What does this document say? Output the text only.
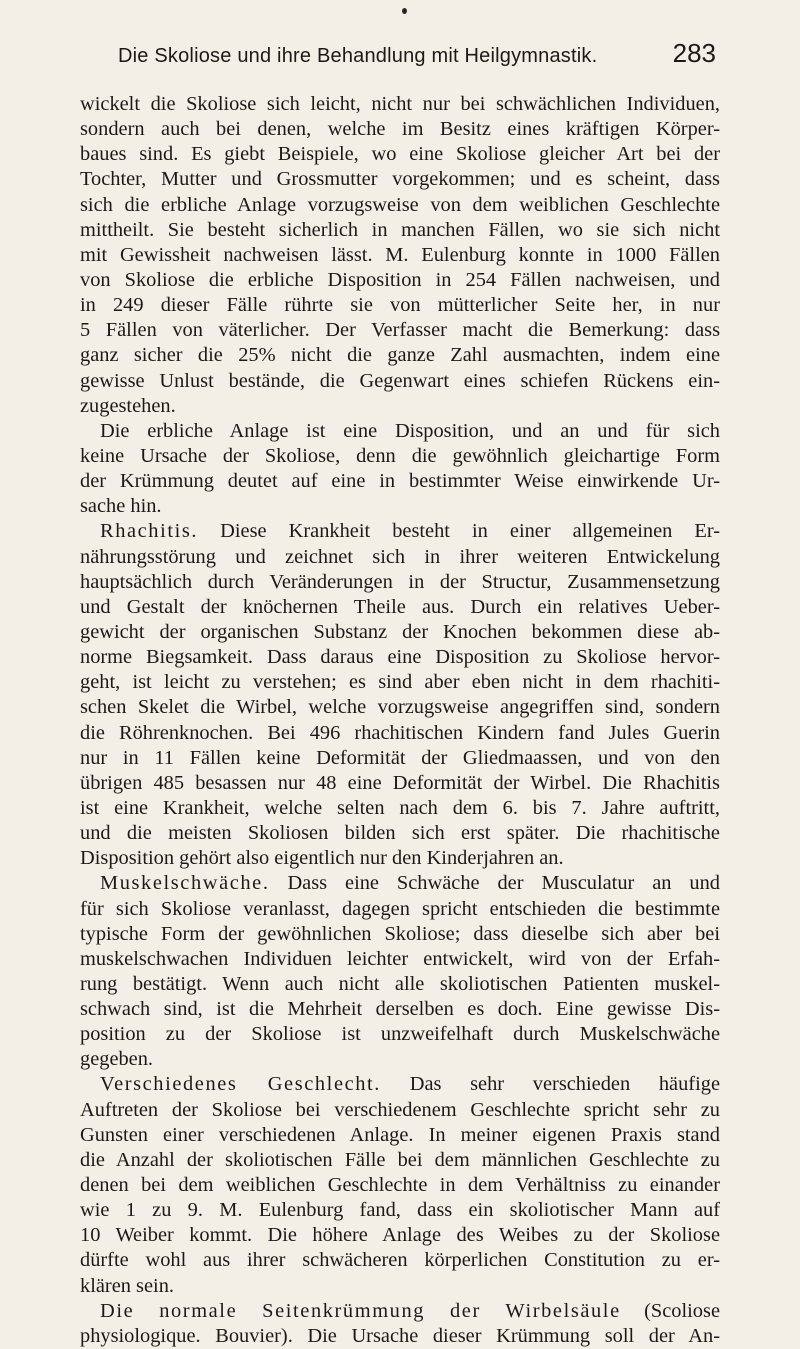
Die Skoliose und ihre Behandlung mit Heilgymnastik.	283
wickelt die Skoliose sich leicht, nicht nur bei schwächlichen Individuen,
sondern auch bei denen, welche im Besitz eines kräftigen Körper-
baues sind. Es giebt Beispiele, wo eine Skoliose gleicher Art bei der
Tochter, Mutter und Grossmutter vorgekommen; und es scheint, dass
sich die erbliche Anlage vorzugsweise von dem weiblichen Geschlechte
mittheilt. Sie besteht sicherlich in manchen Fällen, wo sie sich nicht
mit Gewissheit nachweisen lässt. M. Eulenburg konnte in 1000 Fällen
von Skoliose die erbliche Disposition in 254 Fällen nachweisen, und
in 249 dieser Fälle rührte sie von mütterlicher Seite her, in nur
5 Fällen von väterlicher. Der Verfasser macht die Bemerkung: dass
ganz sicher die 25% nicht die ganze Zahl ausmachten, indem eine
gewisse Unlust bestände, die Gegenwart eines schiefen Rückens ein-
zugestehen.
Die erbliche Anlage ist eine Disposition, und an und für sich
keine Ursache der Skoliose, denn die gewöhnlich gleichartige Form
der Krümmung deutet auf eine in bestimmter Weise einwirkende Ur-
sache hin.
Rhachitis. Diese Krankheit besteht in einer allgemeinen Er-
nährungsstörung und zeichnet sich in ihrer weiteren Entwickelung
hauptsächlich durch Veränderungen in der Structur, Zusammensetzung
und Gestalt der knöchernen Theile aus. Durch ein relatives Ueber-
gewicht der organischen Substanz der Knochen bekommen diese ab-
norme Biegsamkeit. Dass daraus eine Disposition zu Skoliose hervor-
geht, ist leicht zu verstehen; es sind aber eben nicht in dem rhachiti-
schen Skelet die Wirbel, welche vorzugsweise angegriffen sind, sondern
die Röhrenknochen. Bei 496 rhachitischen Kindern fand Jules Guerin
nur in 11 Fällen keine Deformität der Gliedmaassen, und von den
übrigen 485 besassen nur 48 eine Deformität der Wirbel. Die Rhachitis
ist eine Krankheit, welche selten nach dem 6. bis 7. Jahre auftritt,
und die meisten Skoliosen bilden sich erst später. Die rhachitische
Disposition gehört also eigentlich nur den Kinderjahren an.
Muskelschwäche. Dass eine Schwäche der Musculatur an und
für sich Skoliose veranlasst, dagegen spricht entschieden die bestimmte
typische Form der gewöhnlichen Skoliose; dass dieselbe sich aber bei
muskelschwachen Individuen leichter entwickelt, wird von der Erfah-
rung bestätigt. Wenn auch nicht alle skoliotischen Patienten muskel-
schwach sind, ist die Mehrheit derselben es doch. Eine gewisse Dis-
position zu der Skoliose ist unzweifelhaft durch Muskelschwäche
gegeben.
Verschiedenes Geschlecht. Das sehr verschieden häufige
Auftreten der Skoliose bei verschiedenem Geschlechte spricht sehr zu
Gunsten einer verschiedenen Anlage. In meiner eigenen Praxis stand
die Anzahl der skoliotischen Fälle bei dem männlichen Geschlechte zu
denen bei dem weiblichen Geschlechte in dem Verhältniss zu einander
wie 1 zu 9. M. Eulenburg fand, dass ein skoliotischer Mann auf
10 Weiber kommt. Die höhere Anlage des Weibes zu der Skoliose
dürfte wohl aus ihrer schwächeren körperlichen Constitution zu er-
klären sein.
Die normale Seitenkrümmung der Wirbelsäule (Scoliose
physiologique. Bouvier). Die Ursache dieser Krümmung soll der An-
